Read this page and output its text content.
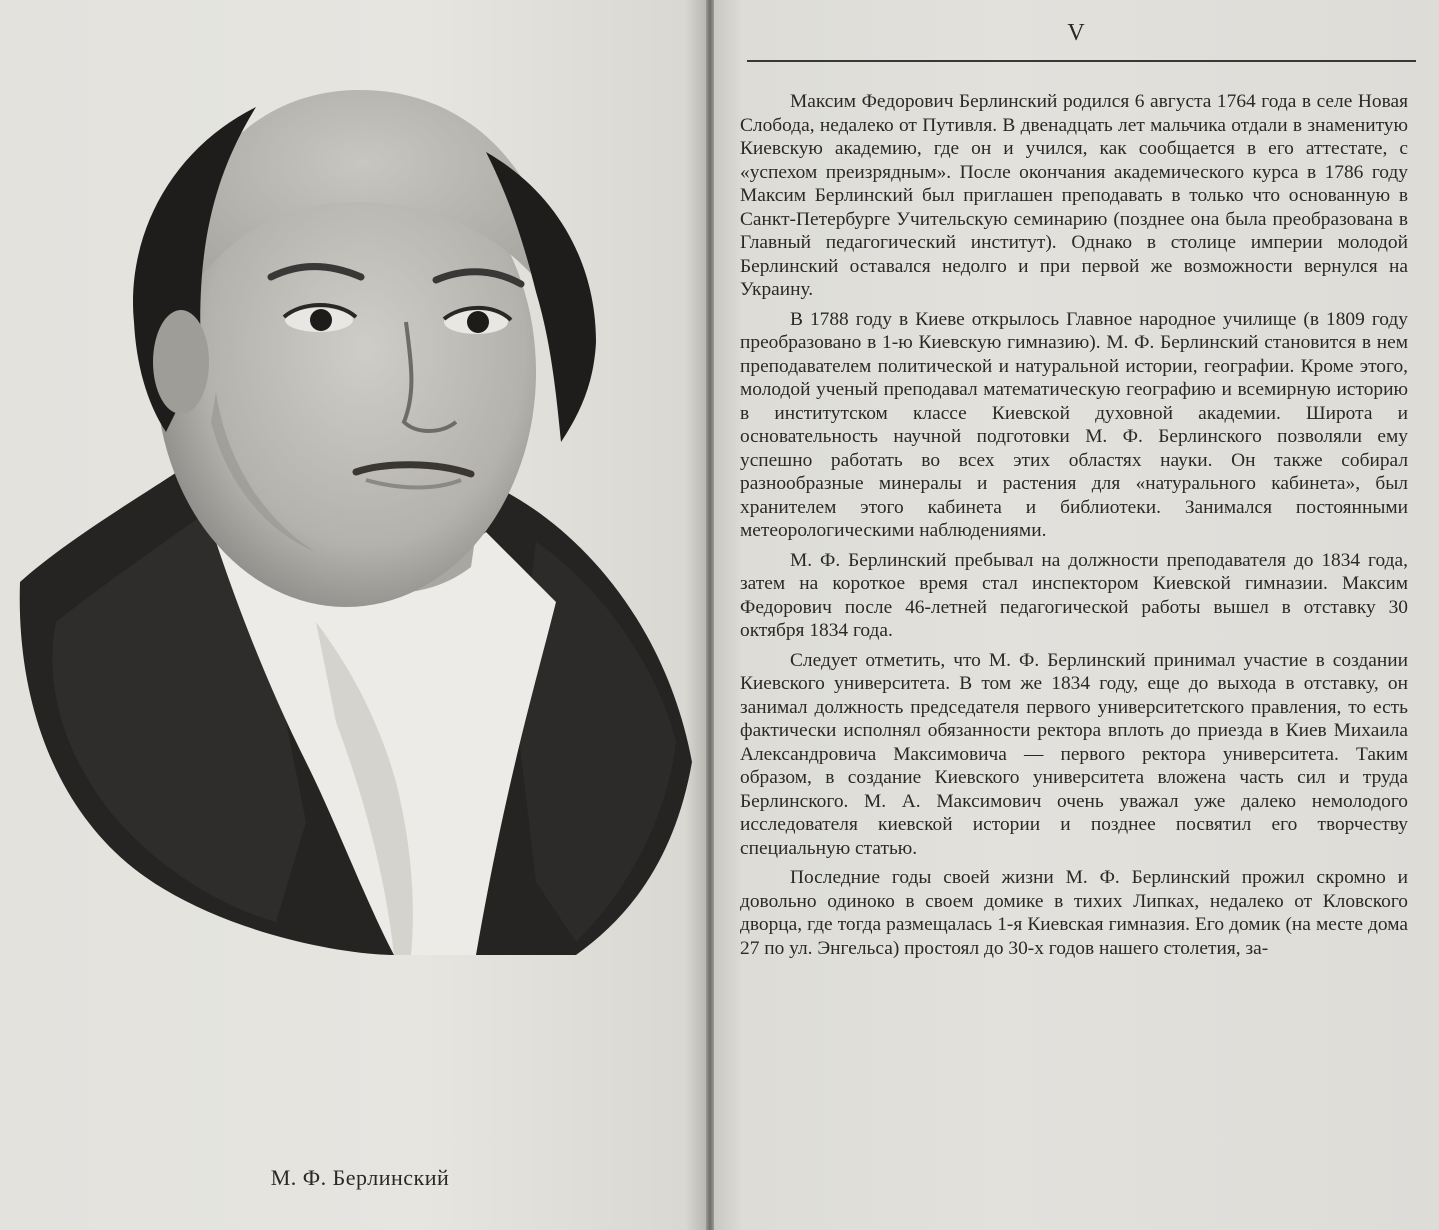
М. Ф. Берлинский
V

Максим Федорович Берлинский родился 6 августа 1764 года в селе Новая Слобода, недалеко от Путивля. В двенадцать лет мальчика отдали в знаменитую Киевскую академию, где он и учился, как сообщается в его аттестате, с «успехом преизрядным». После окончания академического курса в 1786 году Максим Берлинский был приглашен преподавать в только что основанную в Санкт-Петербурге Учительскую семинарию (позднее она была преобразована в Главный педагогический институт). Однако в столице империи молодой Берлинский оставался недолго и при первой же возможности вернулся на Украину.

В 1788 году в Киеве открылось Главное народное училище (в 1809 году преобразовано в 1-ю Киевскую гимназию). М. Ф. Берлинский становится в нем преподавателем политической и натуральной истории, географии. Кроме этого, молодой ученый преподавал математическую географию и всемирную историю в институтском классе Киевской духовной академии. Широта и основательность научной подготовки М. Ф. Берлинского позволяли ему успешно работать во всех этих областях науки. Он также собирал разнообразные минералы и растения для «натурального кабинета», был хранителем этого кабинета и библиотеки. Занимался постоянными метеорологическими наблюдениями.

М. Ф. Берлинский пребывал на должности преподавателя до 1834 года, затем на короткое время стал инспектором Киевской гимназии. Максим Федорович после 46-летней педагогической работы вышел в отставку 30 октября 1834 года.

Следует отметить, что М. Ф. Берлинский принимал участие в создании Киевского университета. В том же 1834 году, еще до выхода в отставку, он занимал должность председателя первого университетского правления, то есть фактически исполнял обязанности ректора вплоть до приезда в Киев Михаила Александровича Максимовича — первого ректора университета. Таким образом, в создание Киевского университета вложена часть сил и труда Берлинского. М. А. Максимович очень уважал уже далеко немолодого исследователя киевской истории и позднее посвятил его творчеству специальную статью.

Последние годы своей жизни М. Ф. Берлинский прожил скромно и довольно одиноко в своем домике в тихих Липках, недалеко от Кловского дворца, где тогда размещалась 1-я Киевская гимназия. Его домик (на месте дома 27 по ул. Энгельса) простоял до 30-х годов нашего столетия, за-
